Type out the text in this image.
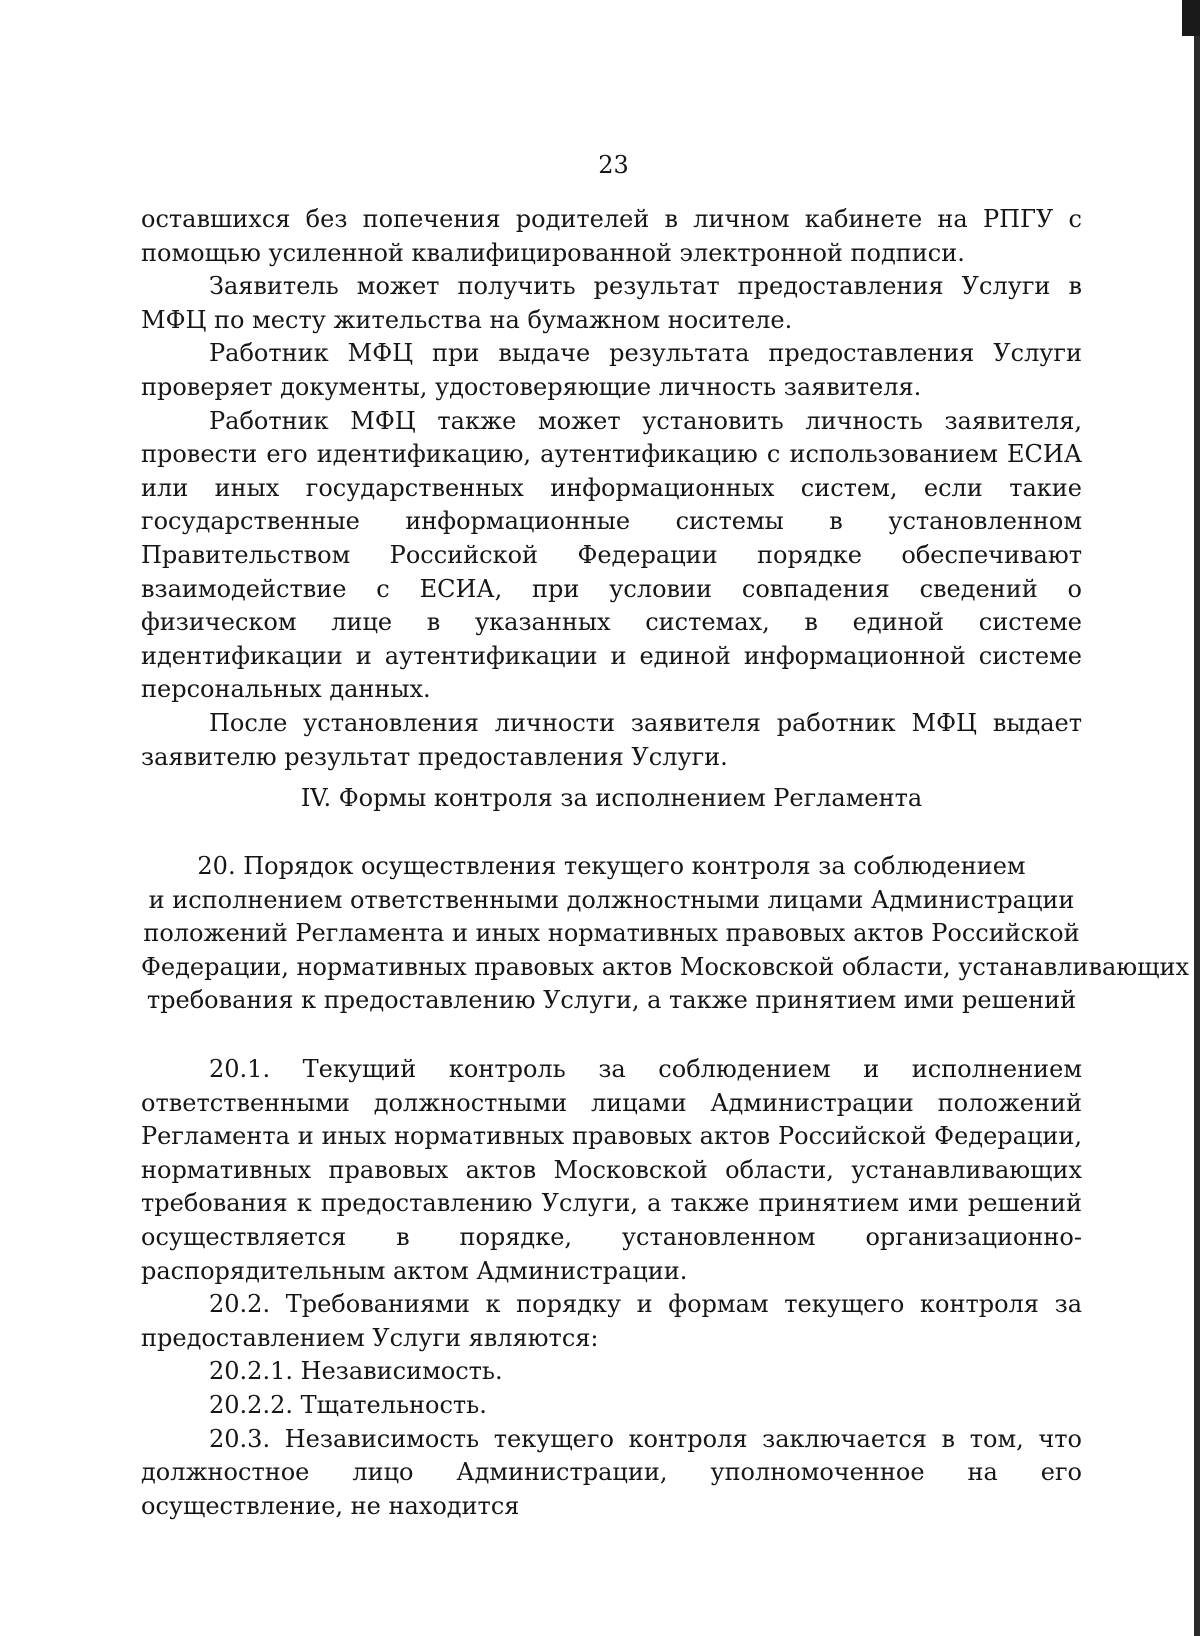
23

оставшихся без попечения родителей в личном кабинете на РПГУ с помощью усиленной квалифицированной электронной подписи.

Заявитель может получить результат предоставления Услуги в МФЦ по месту жительства на бумажном носителе.

Работник МФЦ при выдаче результата предоставления Услуги проверяет документы, удостоверяющие личность заявителя.

Работник МФЦ также может установить личность заявителя, провести его идентификацию, аутентификацию с использованием ЕСИА или иных государственных информационных систем, если такие государственные информационные системы в установленном Правительством Российской Федерации порядке обеспечивают взаимодействие с ЕСИА, при условии совпадения сведений о физическом лице в указанных системах, в единой системе идентификации и аутентификации и единой информационной системе персональных данных.

После установления личности заявителя работник МФЦ выдает заявителю результат предоставления Услуги.

IV. Формы контроля за исполнением Регламента
20. Порядок осуществления текущего контроля за соблюдением
и исполнением ответственными должностными лицами Администрации
положений Регламента и иных нормативных правовых актов Российской
Федерации, нормативных правовых актов Московской области, устанавливающих
требования к предоставлению Услуги, а также принятием ими решений

20.1. Текущий контроль за соблюдением и исполнением ответственными должностными лицами Администрации положений Регламента и иных нормативных правовых актов Российской Федерации, нормативных правовых актов Московской области, устанавливающих требования к предоставлению Услуги, а также принятием ими решений осуществляется в порядке, установленном организационно-распорядительным актом Администрации.

20.2. Требованиями к порядку и формам текущего контроля за предоставлением Услуги являются:

20.2.1. Независимость.

20.2.2. Тщательность.

20.3. Независимость текущего контроля заключается в том, что должностное лицо Администрации, уполномоченное на его осуществление, не находится
